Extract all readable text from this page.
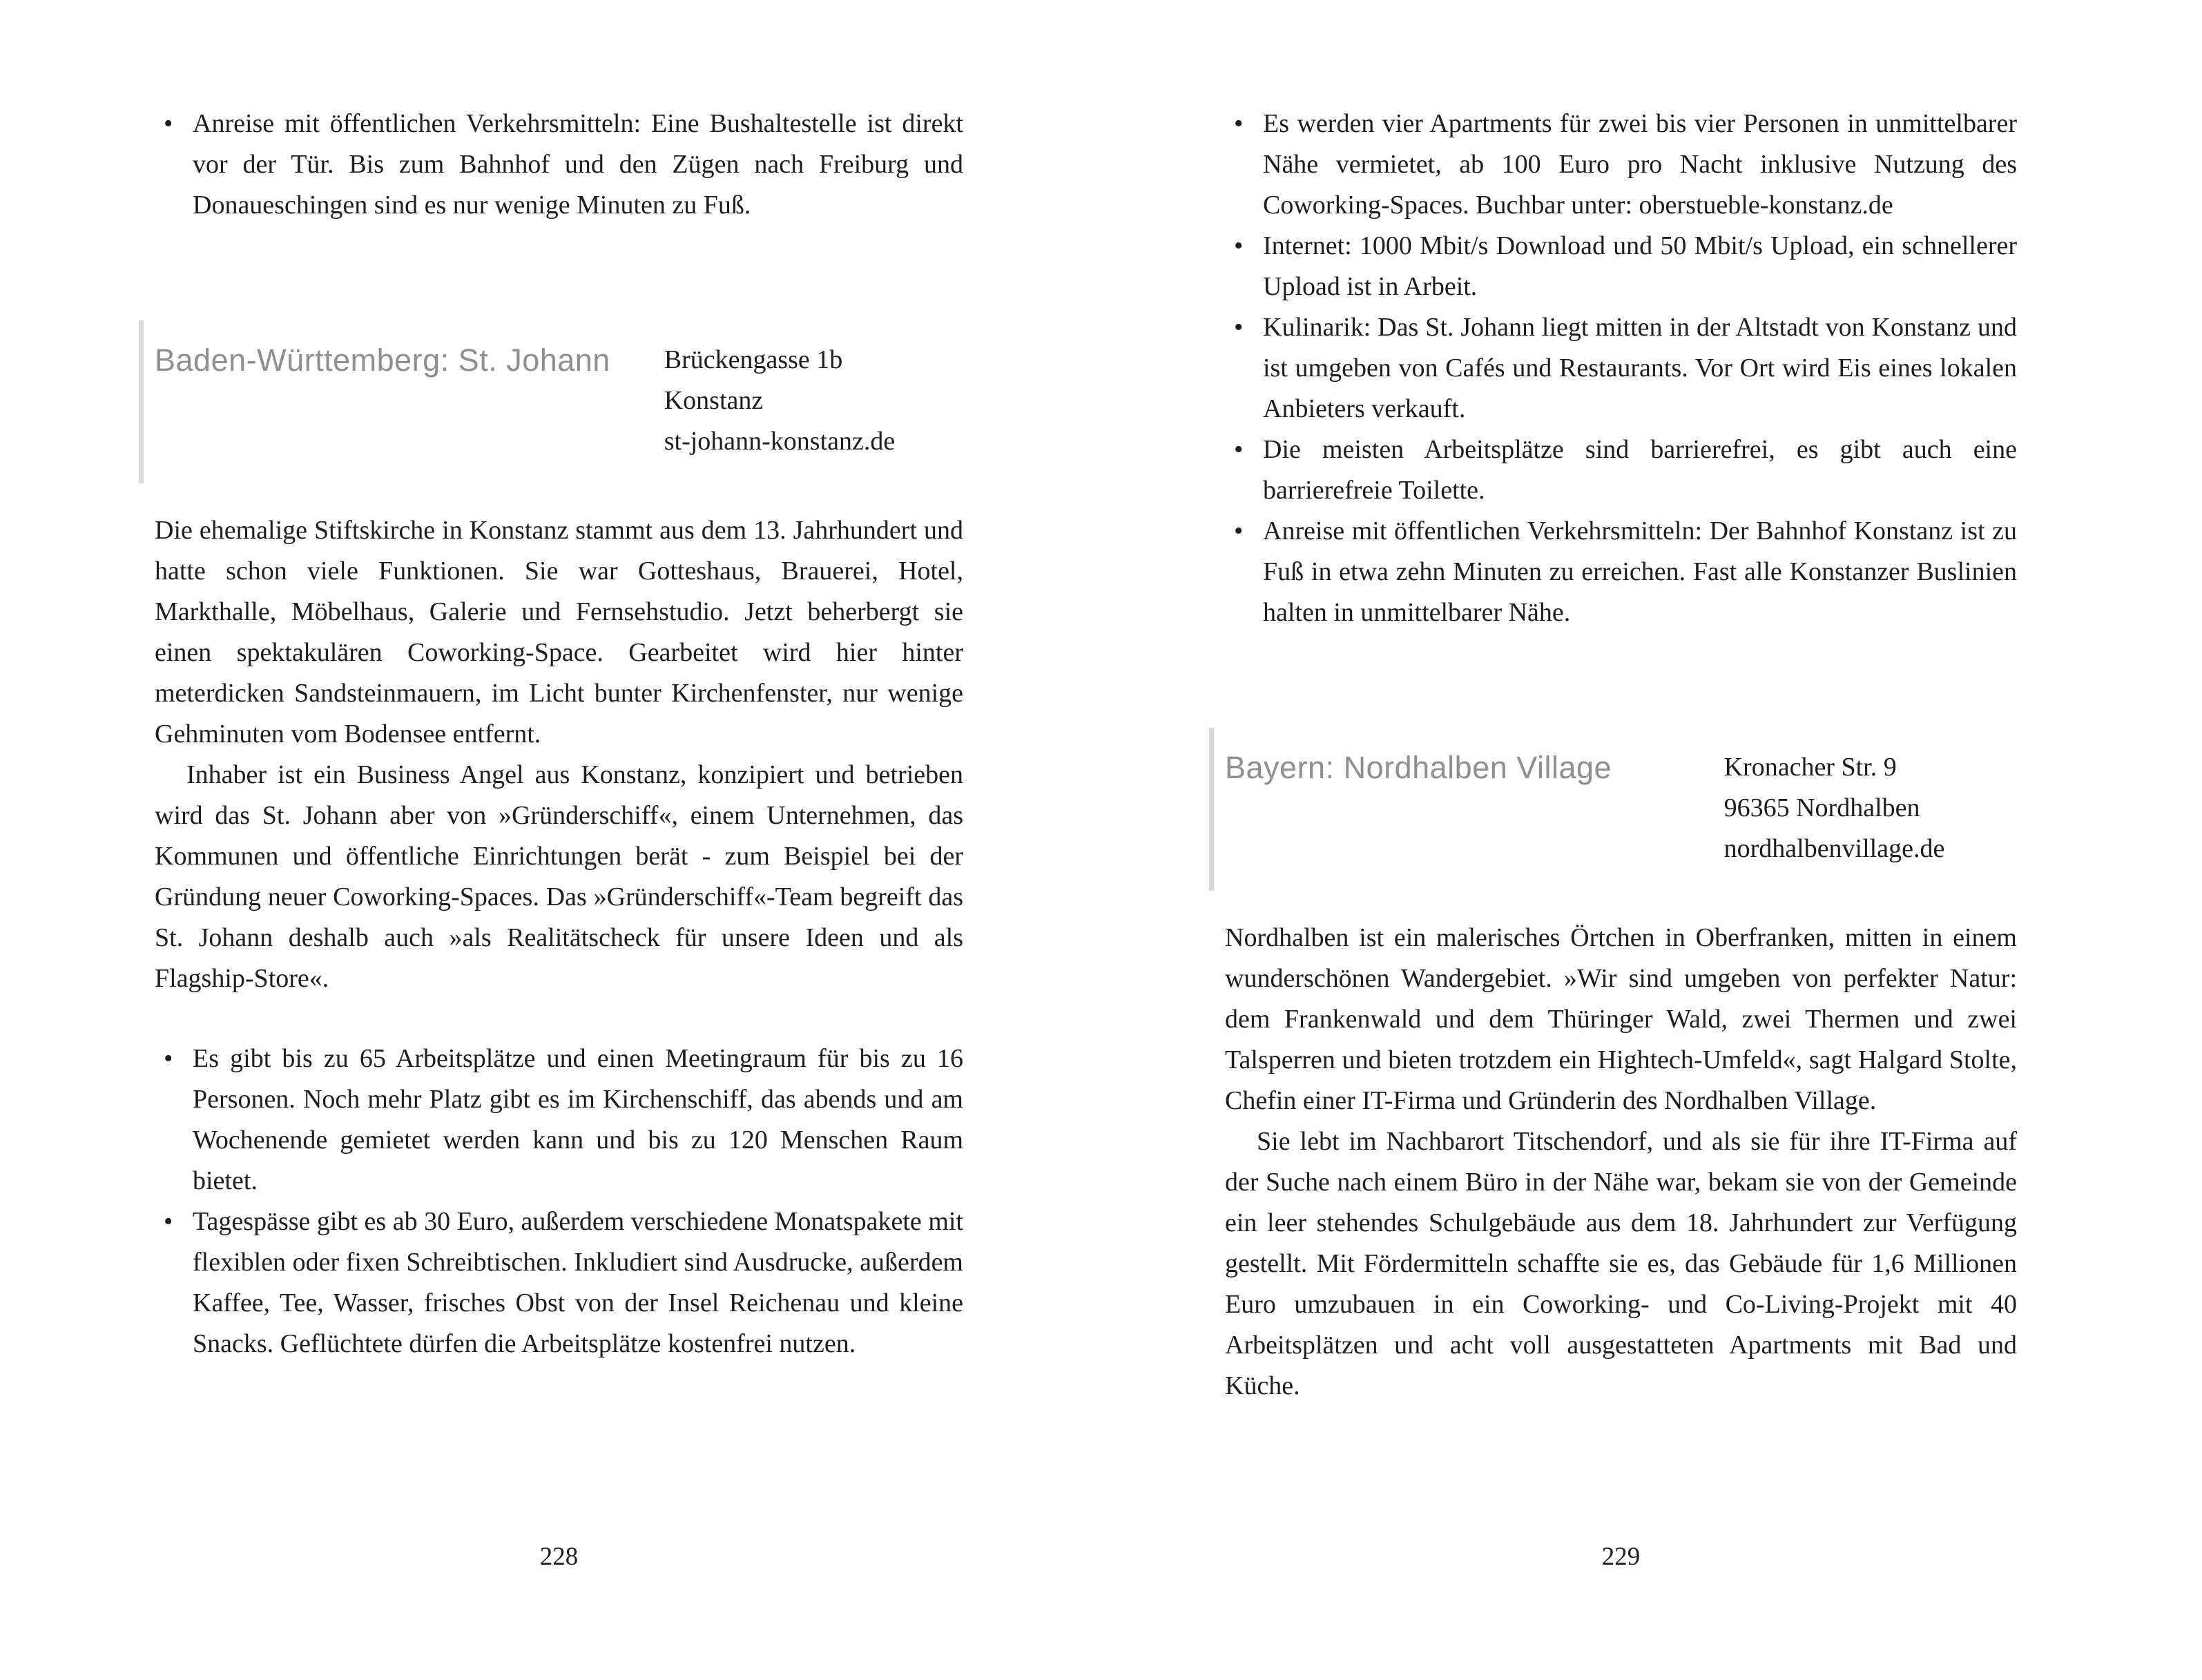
• Anreise mit öffentlichen Verkehrsmitteln: Eine Bushaltestelle ist direkt vor der Tür. Bis zum Bahnhof und den Zügen nach Freiburg und Donaueschingen sind es nur wenige Minuten zu Fuß.
Baden-Württemberg: St. Johann	Brückengasse 1b
Konstanz
st-johann-konstanz.de

Die ehemalige Stiftskirche in Konstanz stammt aus dem 13. Jahrhundert und hatte schon viele Funktionen. Sie war Gotteshaus, Brauerei, Hotel, Markthalle, Möbelhaus, Galerie und Fernsehstudio. Jetzt beherbergt sie einen spektakulären Coworking-Space. Gearbeitet wird hier hinter meterdicken Sandsteinmauern, im Licht bunter Kirchenfenster, nur wenige Gehminuten vom Bodensee entfernt.

Inhaber ist ein Business Angel aus Konstanz, konzipiert und betrieben wird das St. Johann aber von »Gründerschiff«, einem Unternehmen, das Kommunen und öffentliche Einrichtungen berät - zum Beispiel bei der Gründung neuer Coworking-Spaces. Das »Gründerschiff«-Team begreift das St. Johann deshalb auch »als Realitätscheck für unsere Ideen und als Flagship-Store«.

• Es gibt bis zu 65 Arbeitsplätze und einen Meetingraum für bis zu 16 Personen. Noch mehr Platz gibt es im Kirchenschiff, das abends und am Wochenende gemietet werden kann und bis zu 120 Menschen Raum bietet.
• Tagespässe gibt es ab 30 Euro, außerdem verschiedene Monatspakete mit flexiblen oder fixen Schreibtischen. Inkludiert sind Ausdrucke, außerdem Kaffee, Tee, Wasser, frisches Obst von der Insel Reichenau und kleine Snacks. Geflüchtete dürfen die Arbeitsplätze kostenfrei nutzen.
228
• Es werden vier Apartments für zwei bis vier Personen in unmittelbarer Nähe vermietet, ab 100 Euro pro Nacht inklusive Nutzung des Coworking-Spaces. Buchbar unter: oberstueble-konstanz.de
• Internet: 1000 Mbit/s Download und 50 Mbit/s Upload, ein schnellerer Upload ist in Arbeit.
• Kulinarik: Das St. Johann liegt mitten in der Altstadt von Konstanz und ist umgeben von Cafés und Restaurants. Vor Ort wird Eis eines lokalen Anbieters verkauft.
• Die meisten Arbeitsplätze sind barrierefrei, es gibt auch eine barrierefreie Toilette.
• Anreise mit öffentlichen Verkehrsmitteln: Der Bahnhof Konstanz ist zu Fuß in etwa zehn Minuten zu erreichen. Fast alle Konstanzer Buslinien halten in unmittelbarer Nähe.
Bayern: Nordhalben Village	Kronacher Str. 9
96365 Nordhalben
nordhalbenvillage.de

Nordhalben ist ein malerisches Örtchen in Oberfranken, mitten in einem wunderschönen Wandergebiet. »Wir sind umgeben von perfekter Natur: dem Frankenwald und dem Thüringer Wald, zwei Thermen und zwei Talsperren und bieten trotzdem ein Hightech-Umfeld«, sagt Halgard Stolte, Chefin einer IT-Firma und Gründerin des Nordhalben Village.

Sie lebt im Nachbarort Titschendorf, und als sie für ihre IT-Firma auf der Suche nach einem Büro in der Nähe war, bekam sie von der Gemeinde ein leer stehendes Schulgebäude aus dem 18. Jahrhundert zur Verfügung gestellt. Mit Fördermitteln schaffte sie es, das Gebäude für 1,6 Millionen Euro umzubauen in ein Coworking- und Co-Living-Projekt mit 40 Arbeitsplätzen und acht voll ausgestatteten Apartments mit Bad und Küche.

229
